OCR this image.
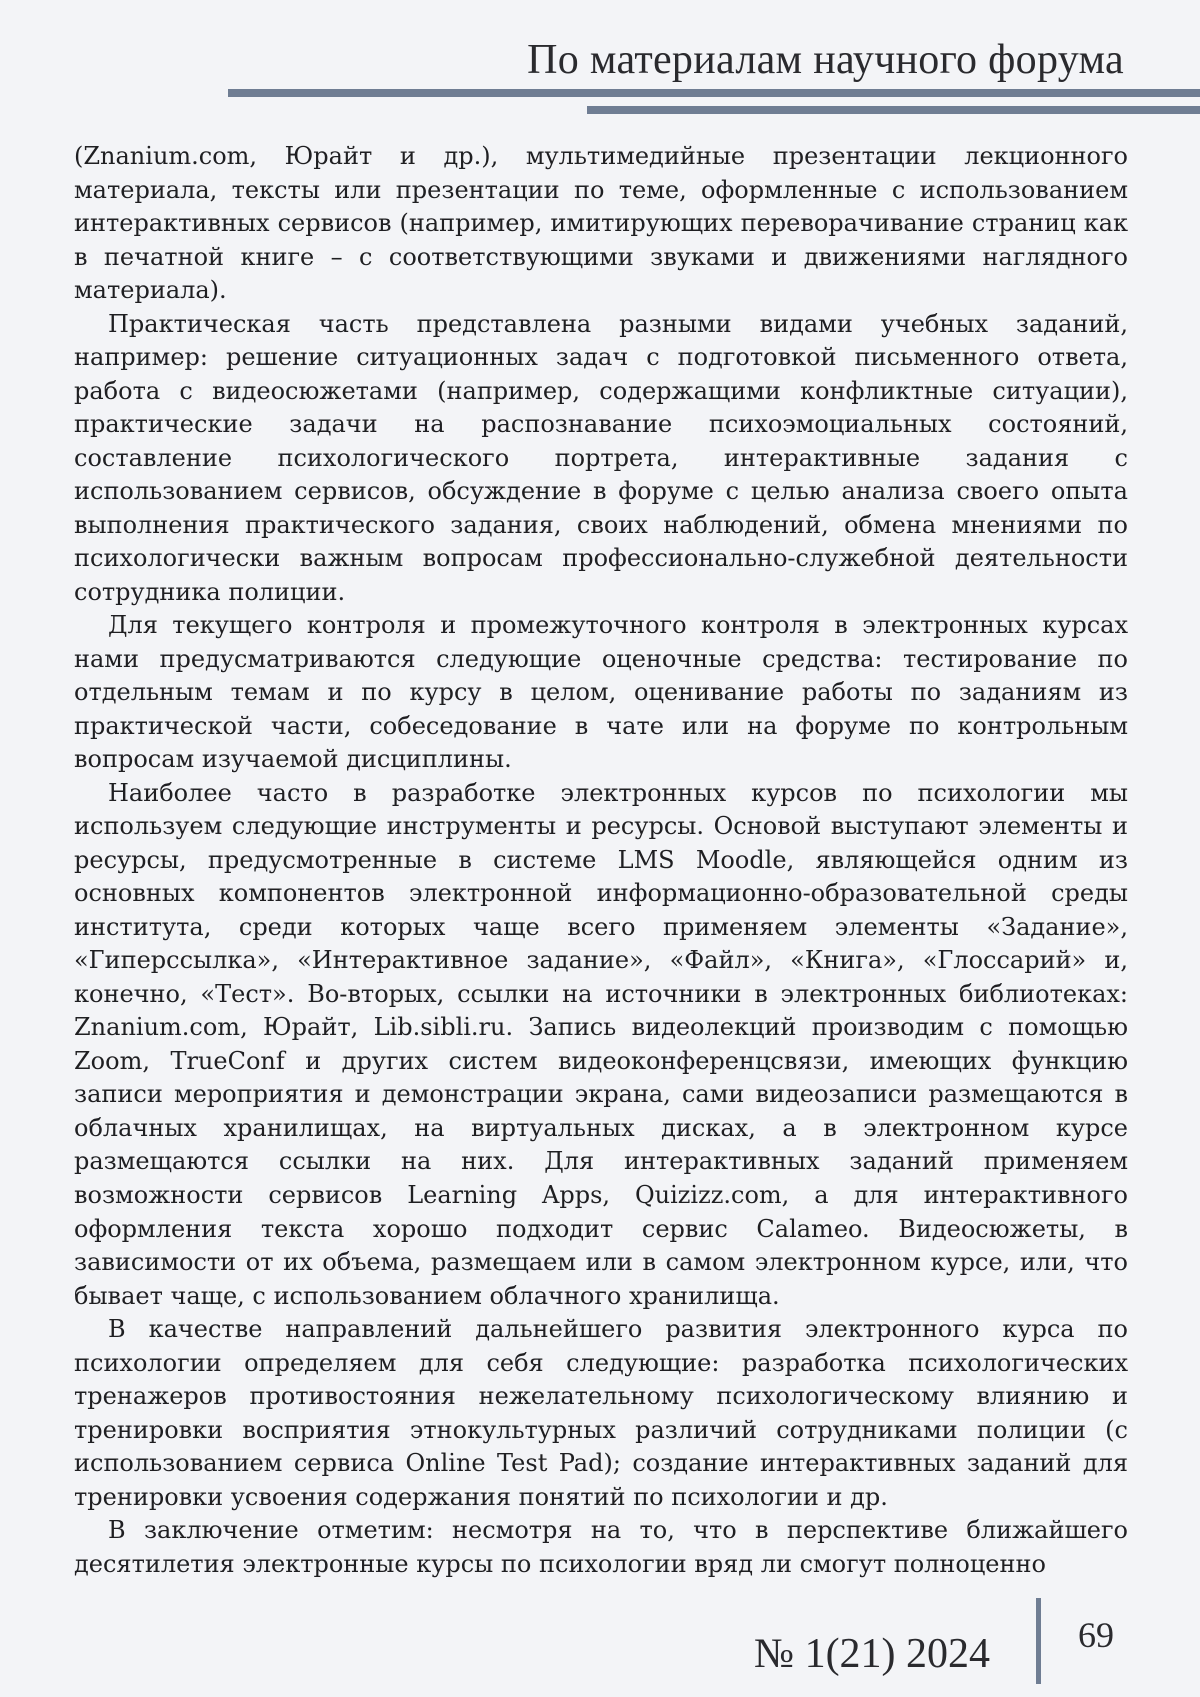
По материалам научного форума

(Znanium.com, Юрайт и др.), мультимедийные презентации лекционного материала, тексты или презентации по теме, оформленные с использованием интерактивных сервисов (например, имитирующих переворачивание страниц как в печатной книге – с соответствующими звуками и движениями наглядного материала).

Практическая часть представлена разными видами учебных заданий, например: решение ситуационных задач с подготовкой письменного ответа, работа с видеосюжетами (например, содержащими конфликтные ситуации), практические задачи на распознавание психоэмоциальных состояний, составление психологического портрета, интерактивные задания с использованием сервисов, обсуждение в форуме с целью анализа своего опыта выполнения практического задания, своих наблюдений, обмена мнениями по психологически важным вопросам профессионально-служебной деятельности сотрудника полиции.

Для текущего контроля и промежуточного контроля в электронных курсах нами предусматриваются следующие оценочные средства: тестирование по отдельным темам и по курсу в целом, оценивание работы по заданиям из практической части, собеседование в чате или на форуме по контрольным вопросам изучаемой дисциплины.

Наиболее часто в разработке электронных курсов по психологии мы используем следующие инструменты и ресурсы. Основой выступают элементы и ресурсы, предусмотренные в системе LMS Moodle, являющейся одним из основных компонентов электронной информационно-образовательной среды института, среди которых чаще всего применяем элементы «Задание», «Гиперссылка», «Интерактивное задание», «Файл», «Книга», «Глоссарий» и, конечно, «Тест». Во-вторых, ссылки на источники в электронных библиотеках: Znanium.com, Юрайт, Lib.sibli.ru. Запись видеолекций производим с помощью Zoom, TrueConf и других систем видеоконференцсвязи, имеющих функцию записи мероприятия и демонстрации экрана, сами видеозаписи размещаются в облачных хранилищах, на виртуальных дисках, а в электронном курсе размещаются ссылки на них. Для интерактивных заданий применяем возможности сервисов Learning Apps, Quizizz.com, а для интерактивного оформления текста хорошо подходит сервис Calameo. Видеосюжеты, в зависимости от их объема, размещаем или в самом электронном курсе, или, что бывает чаще, с использованием облачного хранилища.

В качестве направлений дальнейшего развития электронного курса по психологии определяем для себя следующие: разработка психологических тренажеров противостояния нежелательному психологическому влиянию и тренировки восприятия этнокультурных различий сотрудниками полиции (с использованием сервиса Online Test Pad); создание интерактивных заданий для тренировки усвоения содержания понятий по психологии и др.

В заключение отметим: несмотря на то, что в перспективе ближайшего десятилетия электронные курсы по психологии вряд ли смогут полноценно

№ 1(21) 2024 69
